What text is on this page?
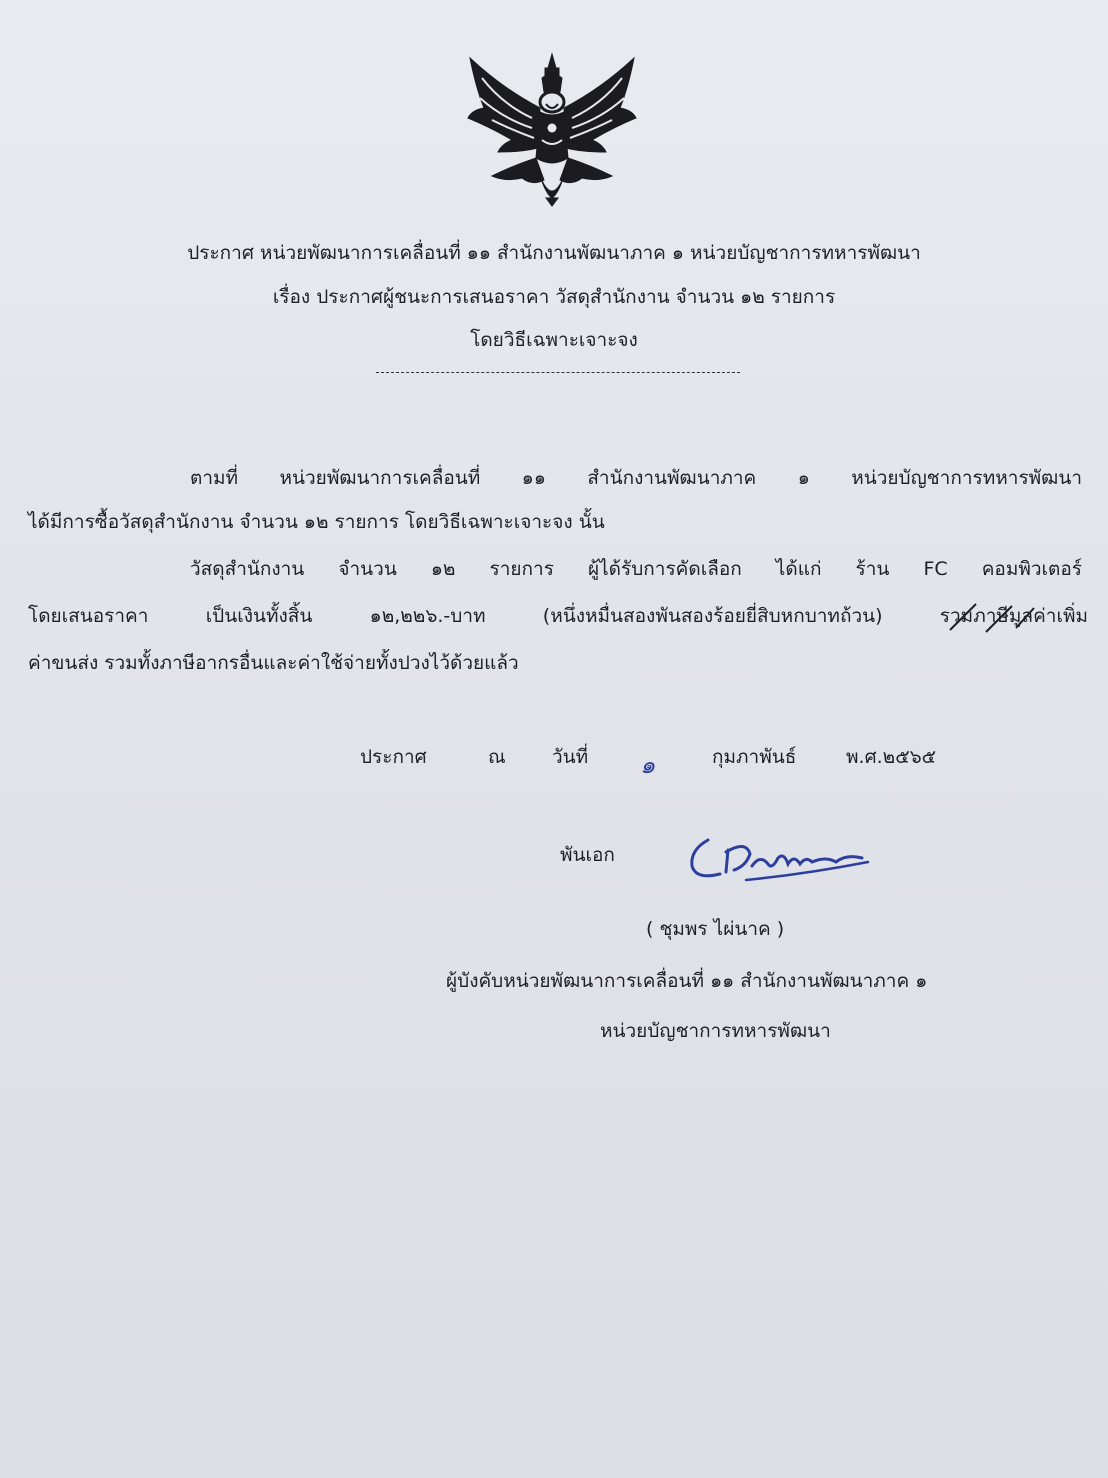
ประกาศ หน่วยพัฒนาการเคลื่อนที่ ๑๑ สำนักงานพัฒนาภาค ๑ หน่วยบัญชาการทหารพัฒนา
เรื่อง ประกาศผู้ชนะการเสนอราคา วัสดุสำนักงาน จำนวน ๑๒ รายการ
โดยวิธีเฉพาะเจาะจง
ตามที่ หน่วยพัฒนาการเคลื่อนที่ ๑๑ สำนักงานพัฒนาภาค ๑ หน่วยบัญชาการทหารพัฒนา
ได้มีการซื้อวัสดุสำนักงาน จำนวน ๑๒ รายการ โดยวิธีเฉพาะเจาะจง นั้น
วัสดุสำนักงาน จำนวน ๑๒ รายการ ผู้ได้รับการคัดเลือก ได้แก่ ร้าน FC คอมพิวเตอร์
โดยเสนอราคา เป็นเงินทั้งสิ้น ๑๒,๒๒๖.-บาท (หนึ่งหมื่นสองพันสองร้อยยี่สิบหกบาทถ้วน) รวมภาษีมูลค่าเพิ่ม
ค่าขนส่ง รวมทั้งภาษีอากรอื่นและค่าใช้จ่ายทั้งปวงไว้ด้วยแล้ว
ประกาศ	ณ วันที่ ๑	กุมภาพันธ์	พ.ศ.๒๕๖๕
พันเอก
( ชุมพร ไผ่นาค )
ผู้บังคับหน่วยพัฒนาการเคลื่อนที่ ๑๑ สำนักงานพัฒนาภาค ๑
หน่วยบัญชาการทหารพัฒนา
